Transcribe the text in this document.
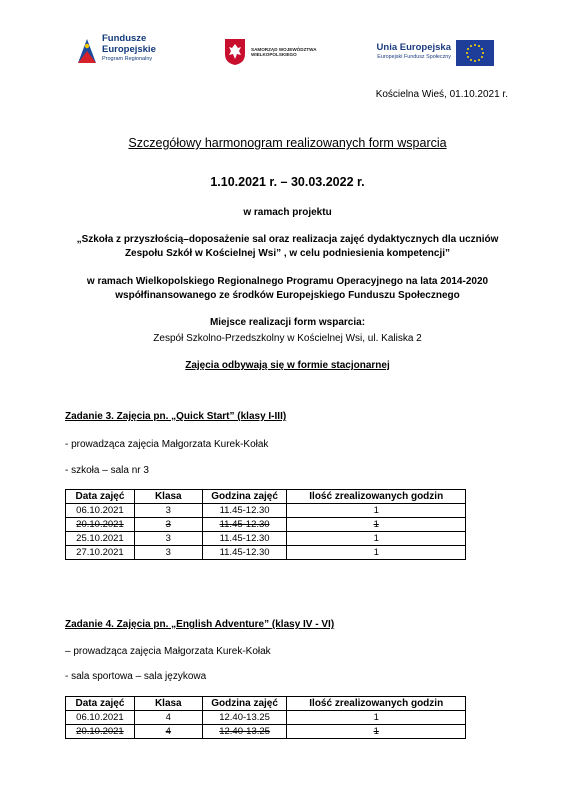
Fundusze
Europejskie
Program Regionalny
SAMORZĄD WOJEWÓDZTWA
WIELKOPOLSKIEGO
Unia Europejska
Europejski Fundusz Społeczny
Kościelna Wieś, 01.10.2021 r.
Szczegółowy harmonogram realizowanych form wsparcia
1.10.2021 r. – 30.03.2022 r.
w ramach projektu
„Szkoła z przyszłością–doposażenie sal oraz realizacja zajęć dydaktycznych dla uczniów
Zespołu Szkół w Kościelnej Wsi” , w celu podniesienia kompetencji”
w ramach Wielkopolskiego Regionalnego Programu Operacyjnego na lata 2014-2020
współfinansowanego ze środków Europejskiego Funduszu Społecznego
Miejsce realizacji form wsparcia:
Zespół Szkolno-Przedszkolny w Kościelnej Wsi, ul. Kaliska 2
Zajęcia odbywają się w formie stacjonarnej
Zadanie 3. Zajęcia pn. „Quick Start” (klasy I-III)
- prowadząca zajęcia Małgorzata Kurek-Kołak
- szkoła – sala nr 3
Data zajęć	Klasa	Godzina zajęć	Ilość zrealizowanych godzin
06.10.2021	3	11.45-12.30	1
20.10.2021	3	11.45-12.30	1
25.10.2021	3	11.45-12.30	1
27.10.2021	3	11.45-12.30	1
Zadanie 4. Zajęcia pn. „English Adventure” (klasy IV - VI)
– prowadząca zajęcia Małgorzata Kurek-Kołak
- sala sportowa – sala językowa
Data zajęć	Klasa	Godzina zajęć	Ilość zrealizowanych godzin
06.10.2021	4	12.40-13.25	1
20.10.2021	4	12.40-13.25	1
